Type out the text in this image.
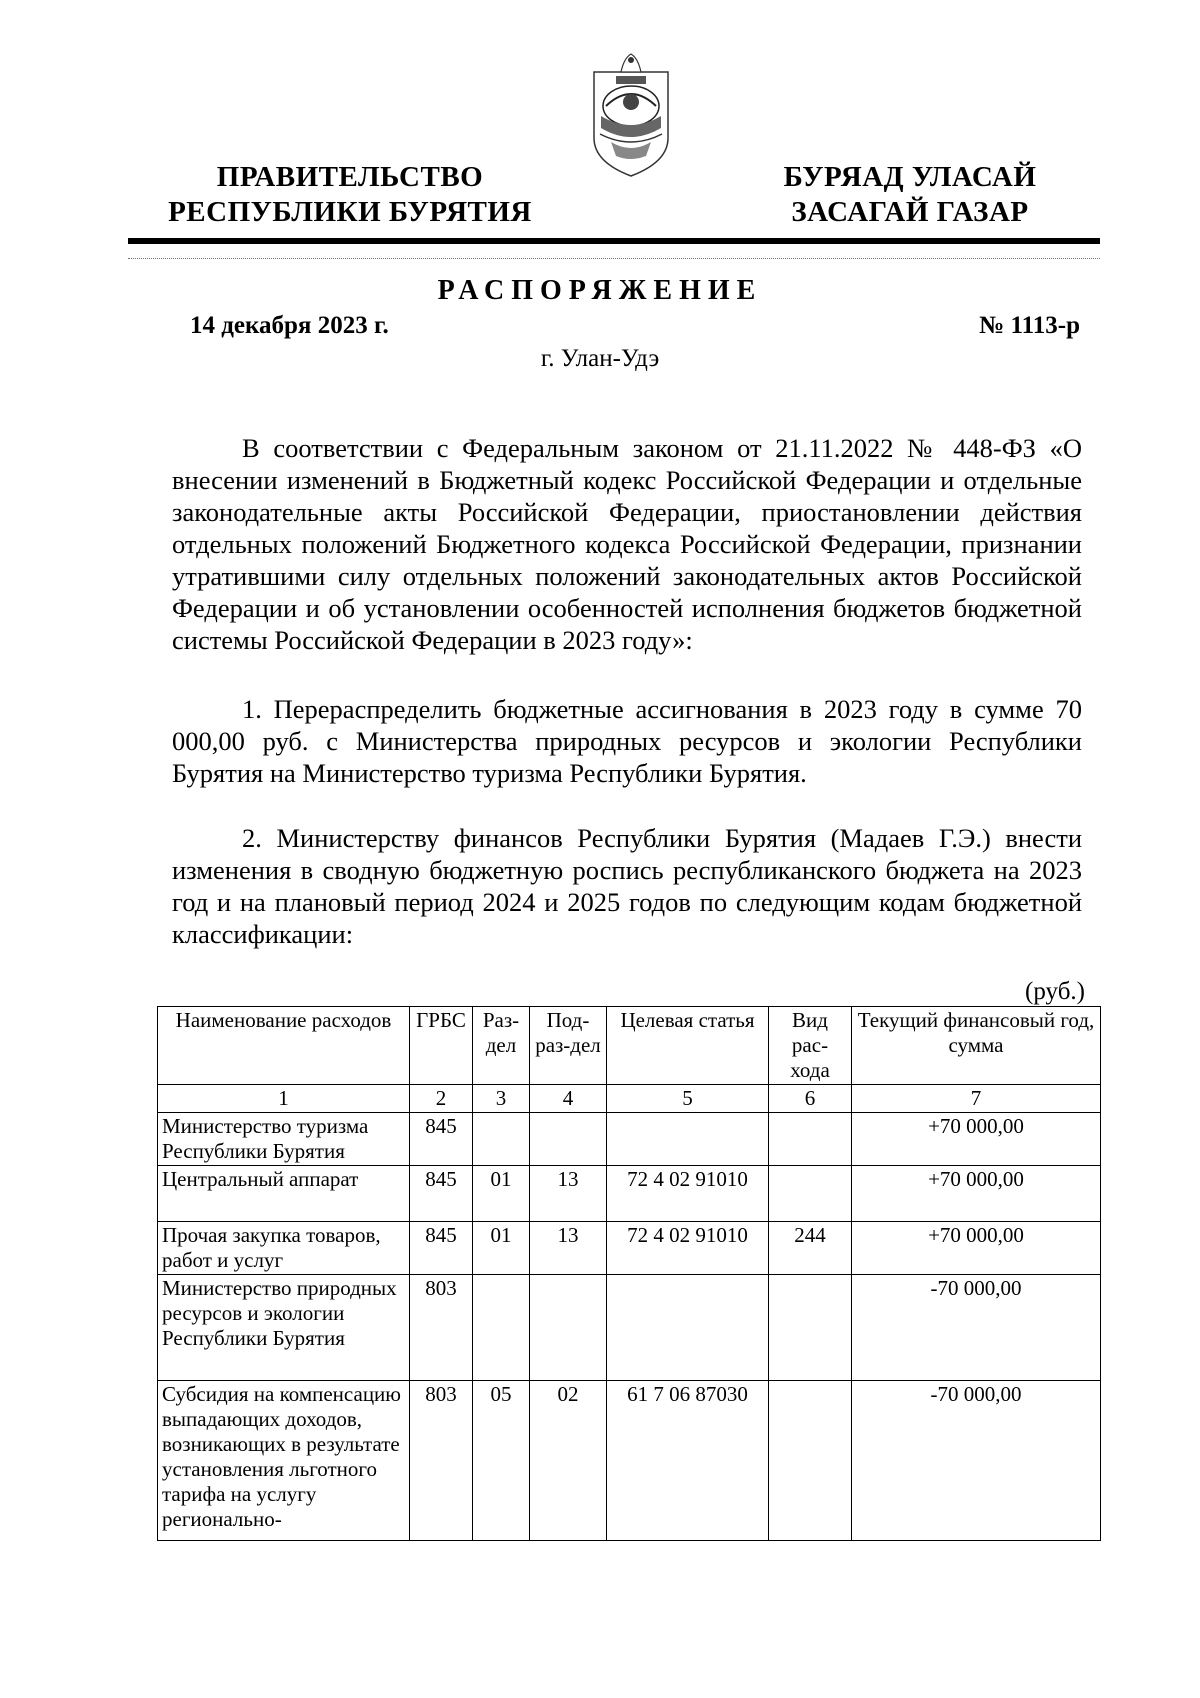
ПРАВИТЕЛЬСТВО
РЕСПУБЛИКИ БУРЯТИЯ
БУРЯАД УЛАСАЙ
ЗАСАГАЙ ГАЗАР
РАСПОРЯЖЕНИЕ
14 декабря 2023 г.	№ 1113-р
г. Улан-Удэ

В соответствии с Федеральным законом от 21.11.2022 № 448-ФЗ «О внесении изменений в Бюджетный кодекс Российской Федерации и отдельные законодательные акты Российской Федерации, приостановлении действия отдельных положений Бюджетного кодекса Российской Федерации, признании утратившими силу отдельных положений законодательных актов Российской Федерации и об установлении особенностей исполнения бюджетов бюджетной системы Российской Федерации в 2023 году»:

1. Перераспределить бюджетные ассигнования в 2023 году в сумме 70 000,00 руб. с Министерства природных ресурсов и экологии Республики Бурятия на Министерство туризма Республики Бурятия.

2. Министерству финансов Республики Бурятия (Мадаев Г.Э.) внести изменения в сводную бюджетную роспись республиканского бюджета на 2023 год и на плановый период 2024 и 2025 годов по следующим кодам бюджетной классификации:

(руб.)
Наименование расходов	ГРБС	Раз-дел	Под-раз-дел	Целевая статья	Вид рас-хода	Текущий финансовый год, сумма
1	2	3	4	5	6	7
Министерство туризма Республики Бурятия	845					+70 000,00
Центральный аппарат	845	01	13	72 4 02 91010		+70 000,00
Прочая закупка товаров, работ и услуг	845	01	13	72 4 02 91010	244	+70 000,00
Министерство природных ресурсов и экологии Республики Бурятия	803					-70 000,00
Субсидия на компенсацию выпадающих доходов, возникающих в результате установления льготного тарифа на услугу регионально-	803	05	02	61 7 06 87030		-70 000,00
